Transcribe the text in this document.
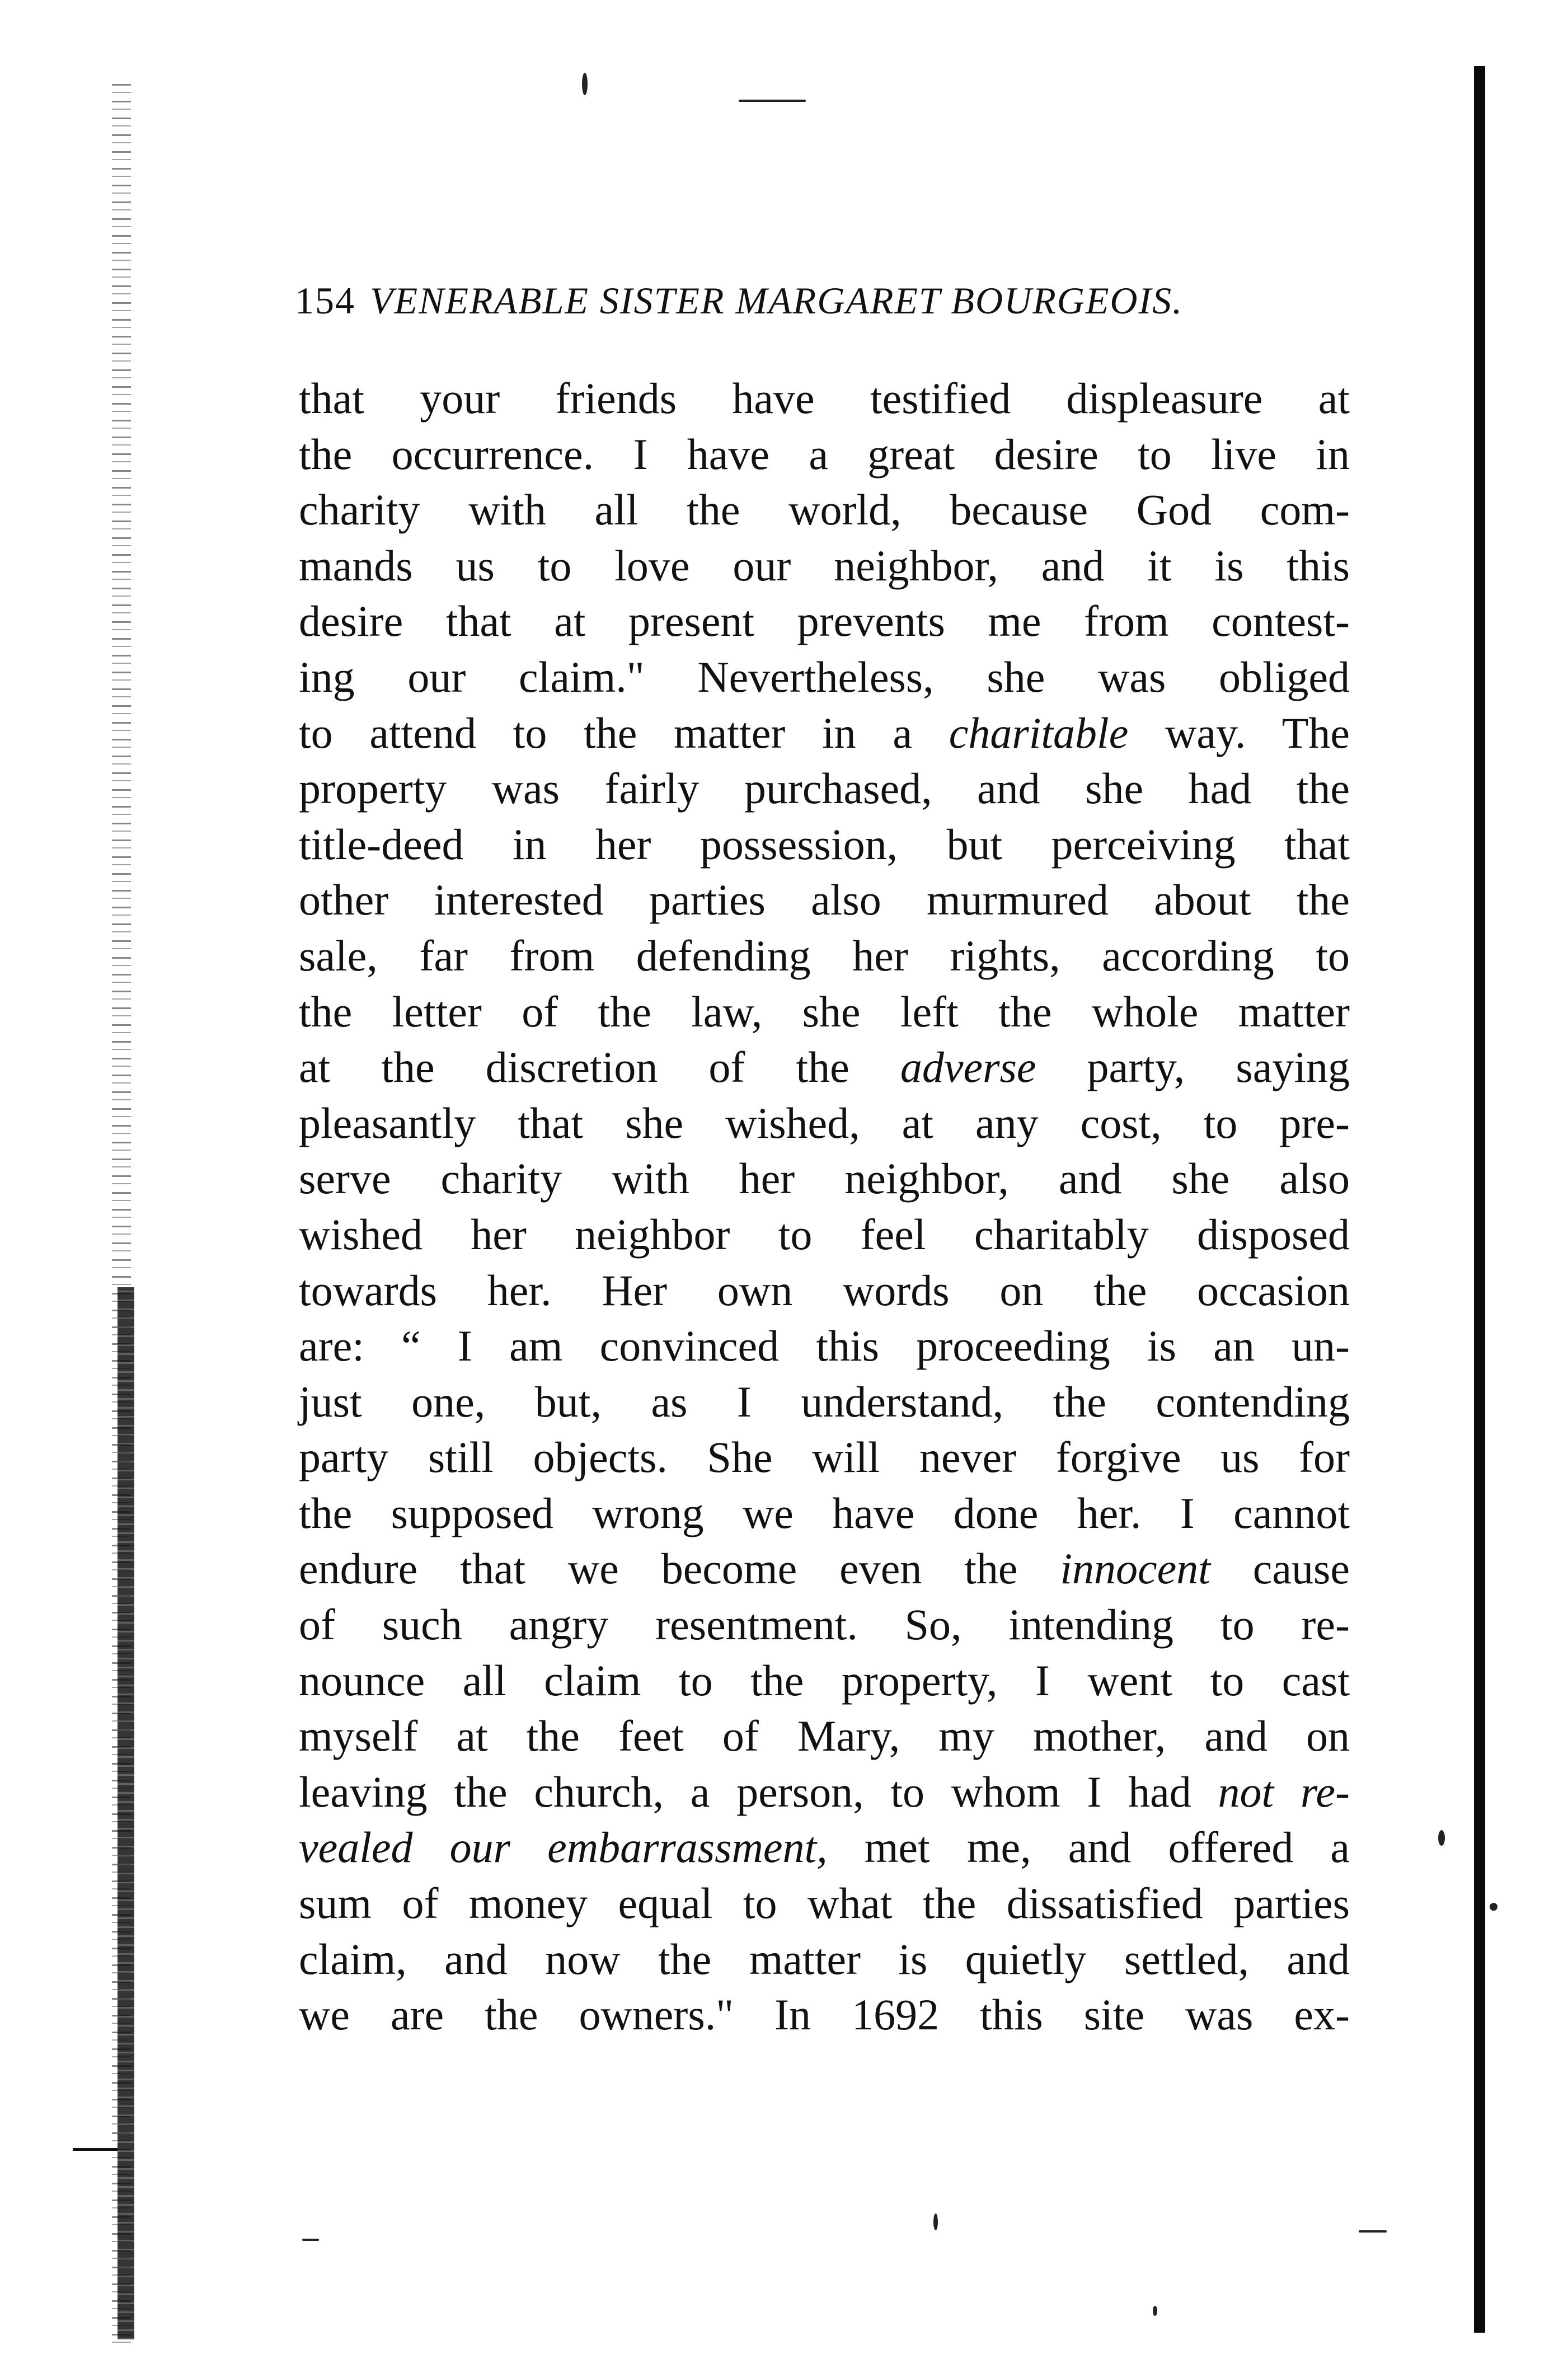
154 VENERABLE SISTER MARGARET BOURGEOIS.
that your friends have testified displeasure at
the occurrence. I have a great desire to live in
charity with all the world, because God com-
mands us to love our neighbor, and it is this
desire that at present prevents me from contest-
ing our claim." Nevertheless, she was obliged
to attend to the matter in a charitable way. The
property was fairly purchased, and she had the
title-deed in her possession, but perceiving that
other interested parties also murmured about the
sale, far from defending her rights, according to
the letter of the law, she left the whole matter
at the discretion of the adverse party, saying
pleasantly that she wished, at any cost, to pre-
serve charity with her neighbor, and she also
wished her neighbor to feel charitably disposed
towards her. Her own words on the occasion
are: “ I am convinced this proceeding is an un-
just one, but, as I understand, the contending
party still objects. She will never forgive us for
the supposed wrong we have done her. I cannot
endure that we become even the innocent cause
of such angry resentment. So, intending to re-
nounce all claim to the property, I went to cast
myself at the feet of Mary, my mother, and on
leaving the church, a person, to whom I had not re-
vealed our embarrassment, met me, and offered a
sum of money equal to what the dissatisfied parties
claim, and now the matter is quietly settled, and
we are the owners." In 1692 this site was ex-
